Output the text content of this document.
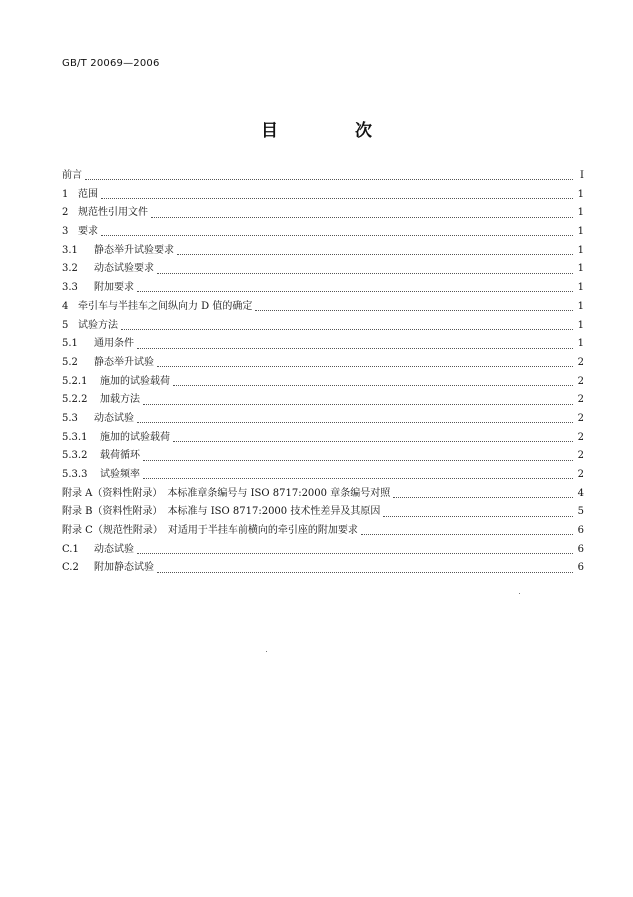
GB/T 20069—2006
目　次
前言	I
1 范围	1
2 规范性引用文件	1
3 要求	1
3.1 静态举升试验要求	1
3.2 动态试验要求	1
3.3 附加要求	1
4 牵引车与半挂车之间纵向力 D 值的确定	1
5 试验方法	1
5.1 通用条件	1
5.2 静态举升试验	2
5.2.1 施加的试验载荷	2
5.2.2 加载方法	2
5.3 动态试验	2
5.3.1 施加的试验载荷	2
5.3.2 载荷循环	2
5.3.3 试验频率	2
附录 A（资料性附录）　本标准章条编号与 ISO 8717:2000 章条编号对照	4
附录 B（资料性附录）　本标准与 ISO 8717:2000 技术性差异及其原因	5
附录 C（规范性附录）　对适用于半挂车前横向的牵引座的附加要求	6
C.1 动态试验	6
C.2 附加静态试验	6
